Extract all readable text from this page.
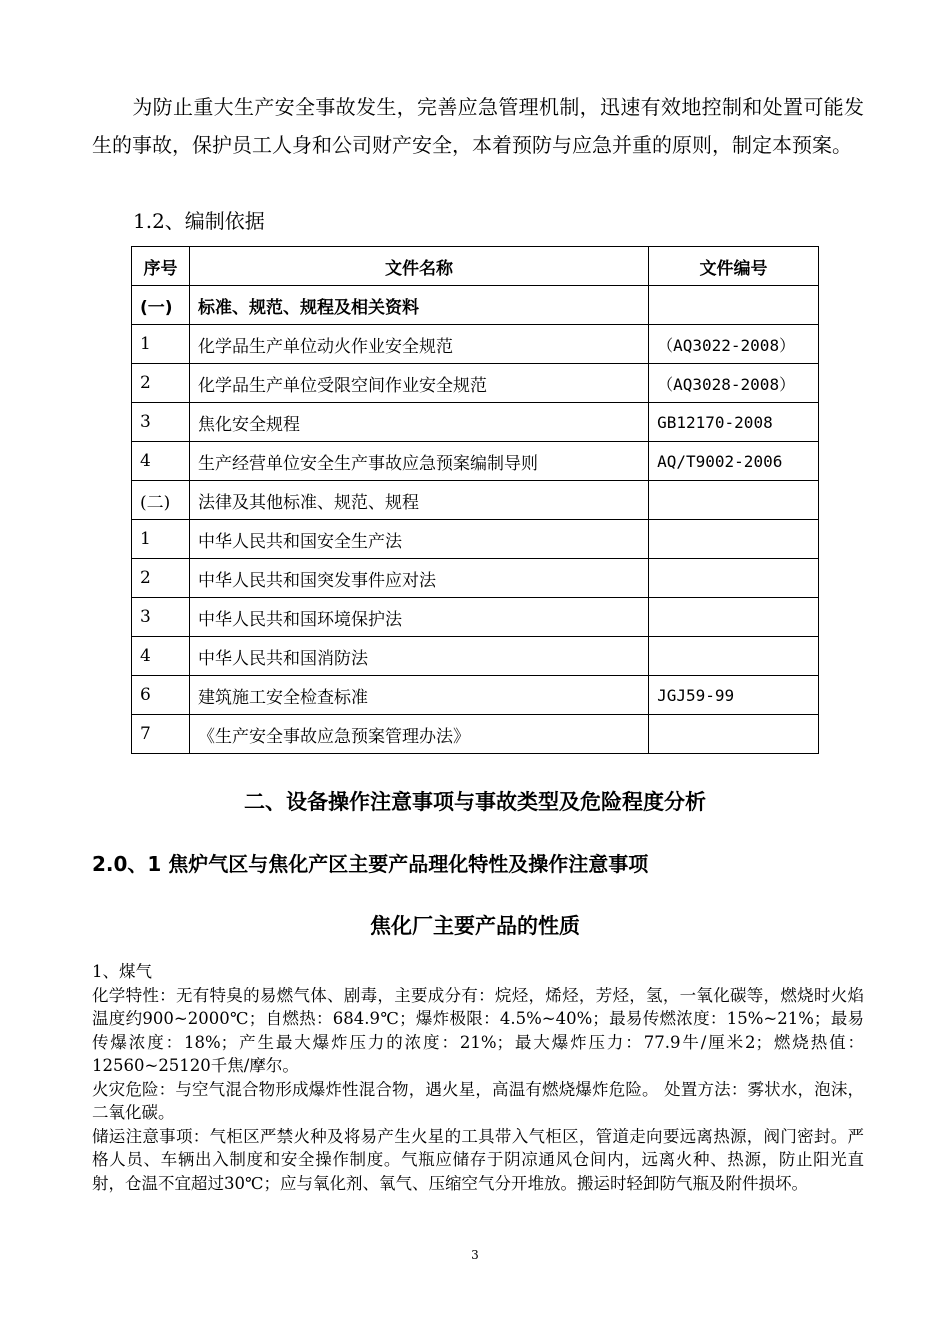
为防止重大生产安全事故发生，完善应急管理机制，迅速有效地控制和处置可能发生的事故，保护员工人身和公司财产安全，本着预防与应急并重的原则，制定本预案。

1.2、编制依据

序号	文件名称	文件编号
(一)	标准、规范、规程及相关资料	
1	化学品生产单位动火作业安全规范	（AQ3022-2008）
2	化学品生产单位受限空间作业安全规范	（AQ3028-2008）
3	焦化安全规程	GB12170-2008
4	生产经营单位安全生产事故应急预案编制导则	AQ/T9002-2006
(二)	法律及其他标准、规范、规程	
1	中华人民共和国安全生产法	
2	中华人民共和国突发事件应对法	
3	中华人民共和国环境保护法	
4	中华人民共和国消防法	
6	建筑施工安全检查标准	JGJ59-99
7	《生产安全事故应急预案管理办法》	

二、设备操作注意事项与事故类型及危险程度分析

2.0、1 焦炉气区与焦化产区主要产品理化特性及操作注意事项

焦化厂主要产品的性质

1、煤气

化学特性：无有特臭的易燃气体、剧毒，主要成分有：烷烃，烯烃，芳烃，氢，一氧化碳等，燃烧时火焰温度约900~2000℃；自燃热：684.9℃；爆炸极限：4.5%~40%；最易传燃浓度：15%~21%；最易传爆浓度：18%；产生最大爆炸压力的浓度：21%；最大爆炸压力：77.9牛/厘米2；燃烧热值：12560~25120千焦/摩尔。

火灾危险：与空气混合物形成爆炸性混合物，遇火星，高温有燃烧爆炸危险。 处置方法：雾状水，泡沫，二氧化碳。

储运注意事项：气柜区严禁火种及将易产生火星的工具带入气柜区，管道走向要远离热源，阀门密封。严格人员、车辆出入制度和安全操作制度。气瓶应储存于阴凉通风仓间内，远离火种、热源，防止阳光直射，仓温不宜超过30℃；应与氧化剂、氧气、压缩空气分开堆放。搬运时轻卸防气瓶及附件损坏。

3
